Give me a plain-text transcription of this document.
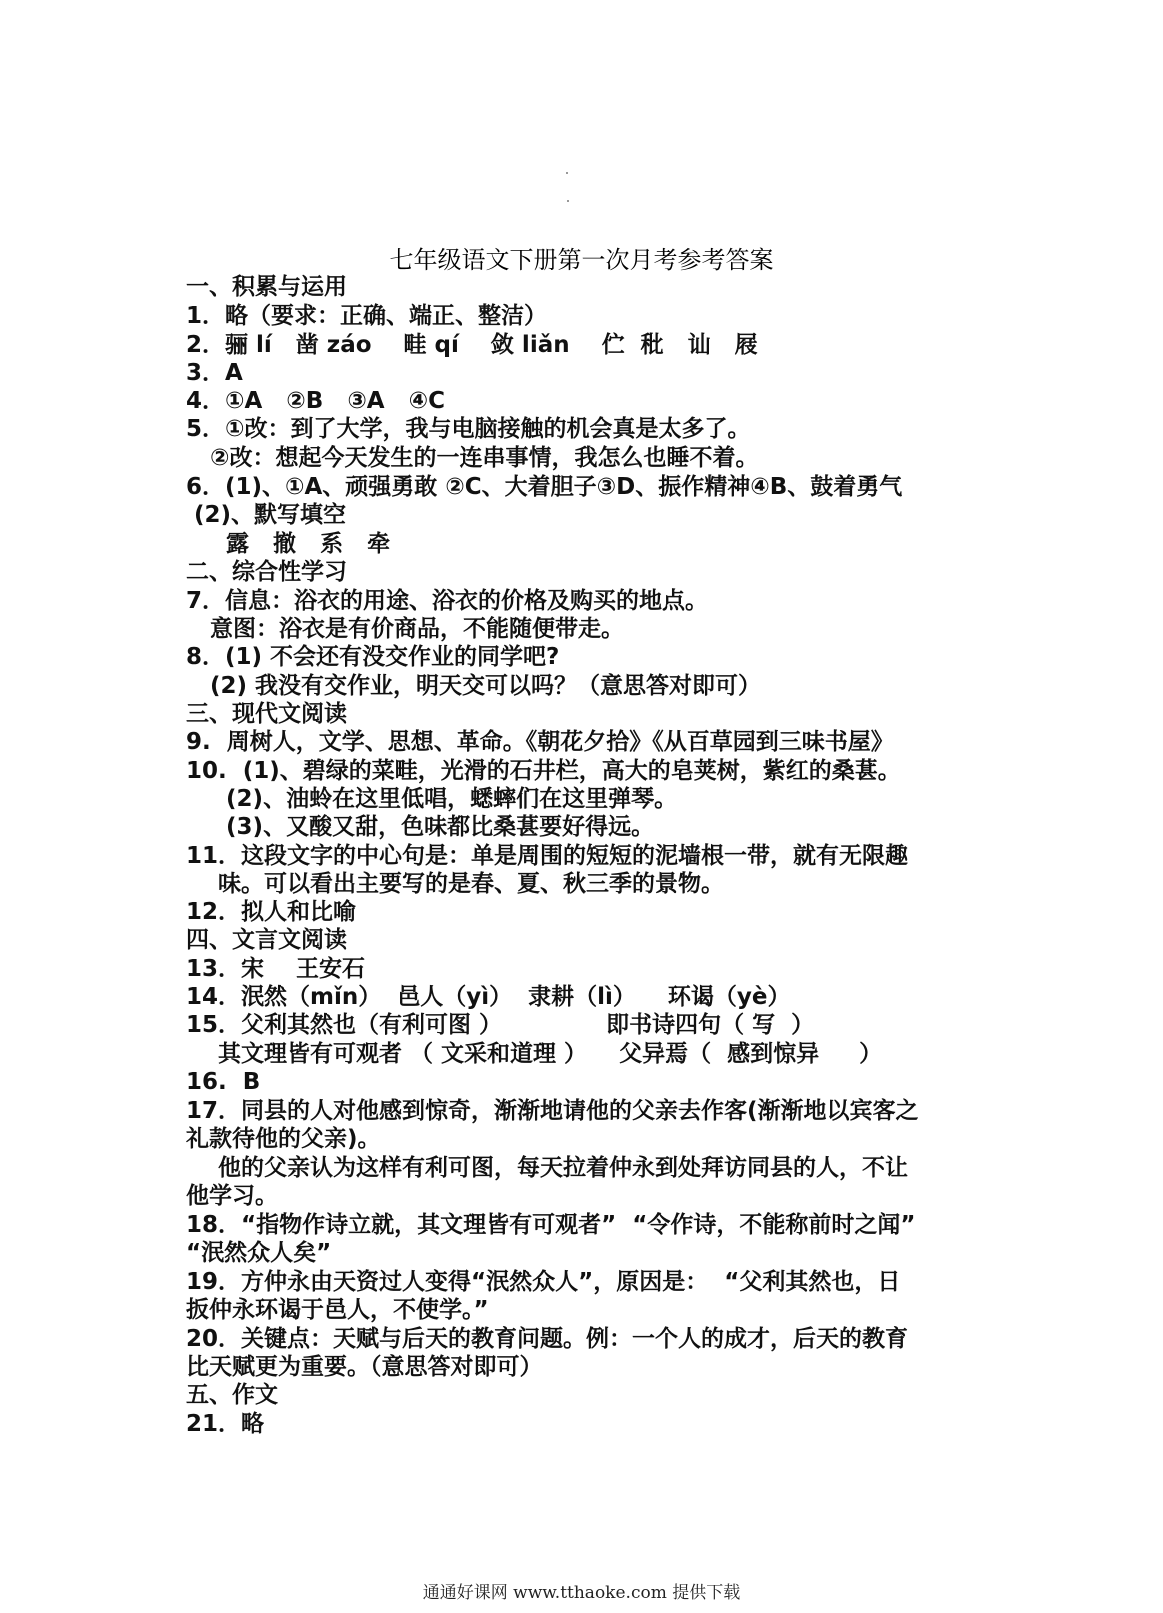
七年级语文下册第一次月考参考答案
一、积累与运用
1．略（要求：正确、端正、整洁）
2．骊 lí   凿 záo    畦 qí    敛 liǎn    伫  秕   讪   屐
3．A
4．①A   ②B   ③A   ④C
5．①改：到了大学，我与电脑接触的机会真是太多了。
②改：想起今天发生的一连串事情，我怎么也睡不着。
6．(1)、①A、顽强勇敢 ②C、大着胆子③D、振作精神④B、鼓着勇气
(2)、默写填空
露   撤   系   牵
二、综合性学习
7．信息：浴衣的用途、浴衣的价格及购买的地点。
意图：浴衣是有价商品，不能随便带走。
8．(1) 不会还有没交作业的同学吧?
(2) 我没有交作业，明天交可以吗？（意思答对即可）
三、现代文阅读
9.  周树人，文学、思想、革命。《朝花夕拾》《从百草园到三味书屋》
10.  (1)、碧绿的菜畦，光滑的石井栏，高大的皂荚树，紫红的桑葚。
(2)、油蛉在这里低唱，蟋蟀们在这里弹琴。
(3)、又酸又甜，色味都比桑葚要好得远。
11．这段文字的中心句是：单是周围的短短的泥墙根一带，就有无限趣
味。可以看出主要写的是春、夏、秋三季的景物。
12．拟人和比喻
四、文言文阅读
13．宋    王安石
14．泯然（mǐn）  邑人（yì）  隶耕（lì）    环谒（yè）
15．父利其然也（有利可图 ）             即书诗四句（ 写  ）
其文理皆有可观者 （ 文采和道理 ）    父异焉（  感到惊异     ）
16.  B
17．同县的人对他感到惊奇，渐渐地请他的父亲去作客(渐渐地以宾客之
礼款待他的父亲)。
他的父亲认为这样有利可图，每天拉着仲永到处拜访同县的人，不让
他学习。
18．“指物作诗立就，其文理皆有可观者”  “令作诗，不能称前时之闻”
“泯然众人矣”
19．方仲永由天资过人变得“泯然众人”，原因是：  “父利其然也，日
扳仲永环谒于邑人，不使学。”
20．关键点：天赋与后天的教育问题。例：一个人的成才，后天的教育
比天赋更为重要。（意思答对即可）
五、作文
21．略
通通好课网 www.tthaoke.com 提供下载
